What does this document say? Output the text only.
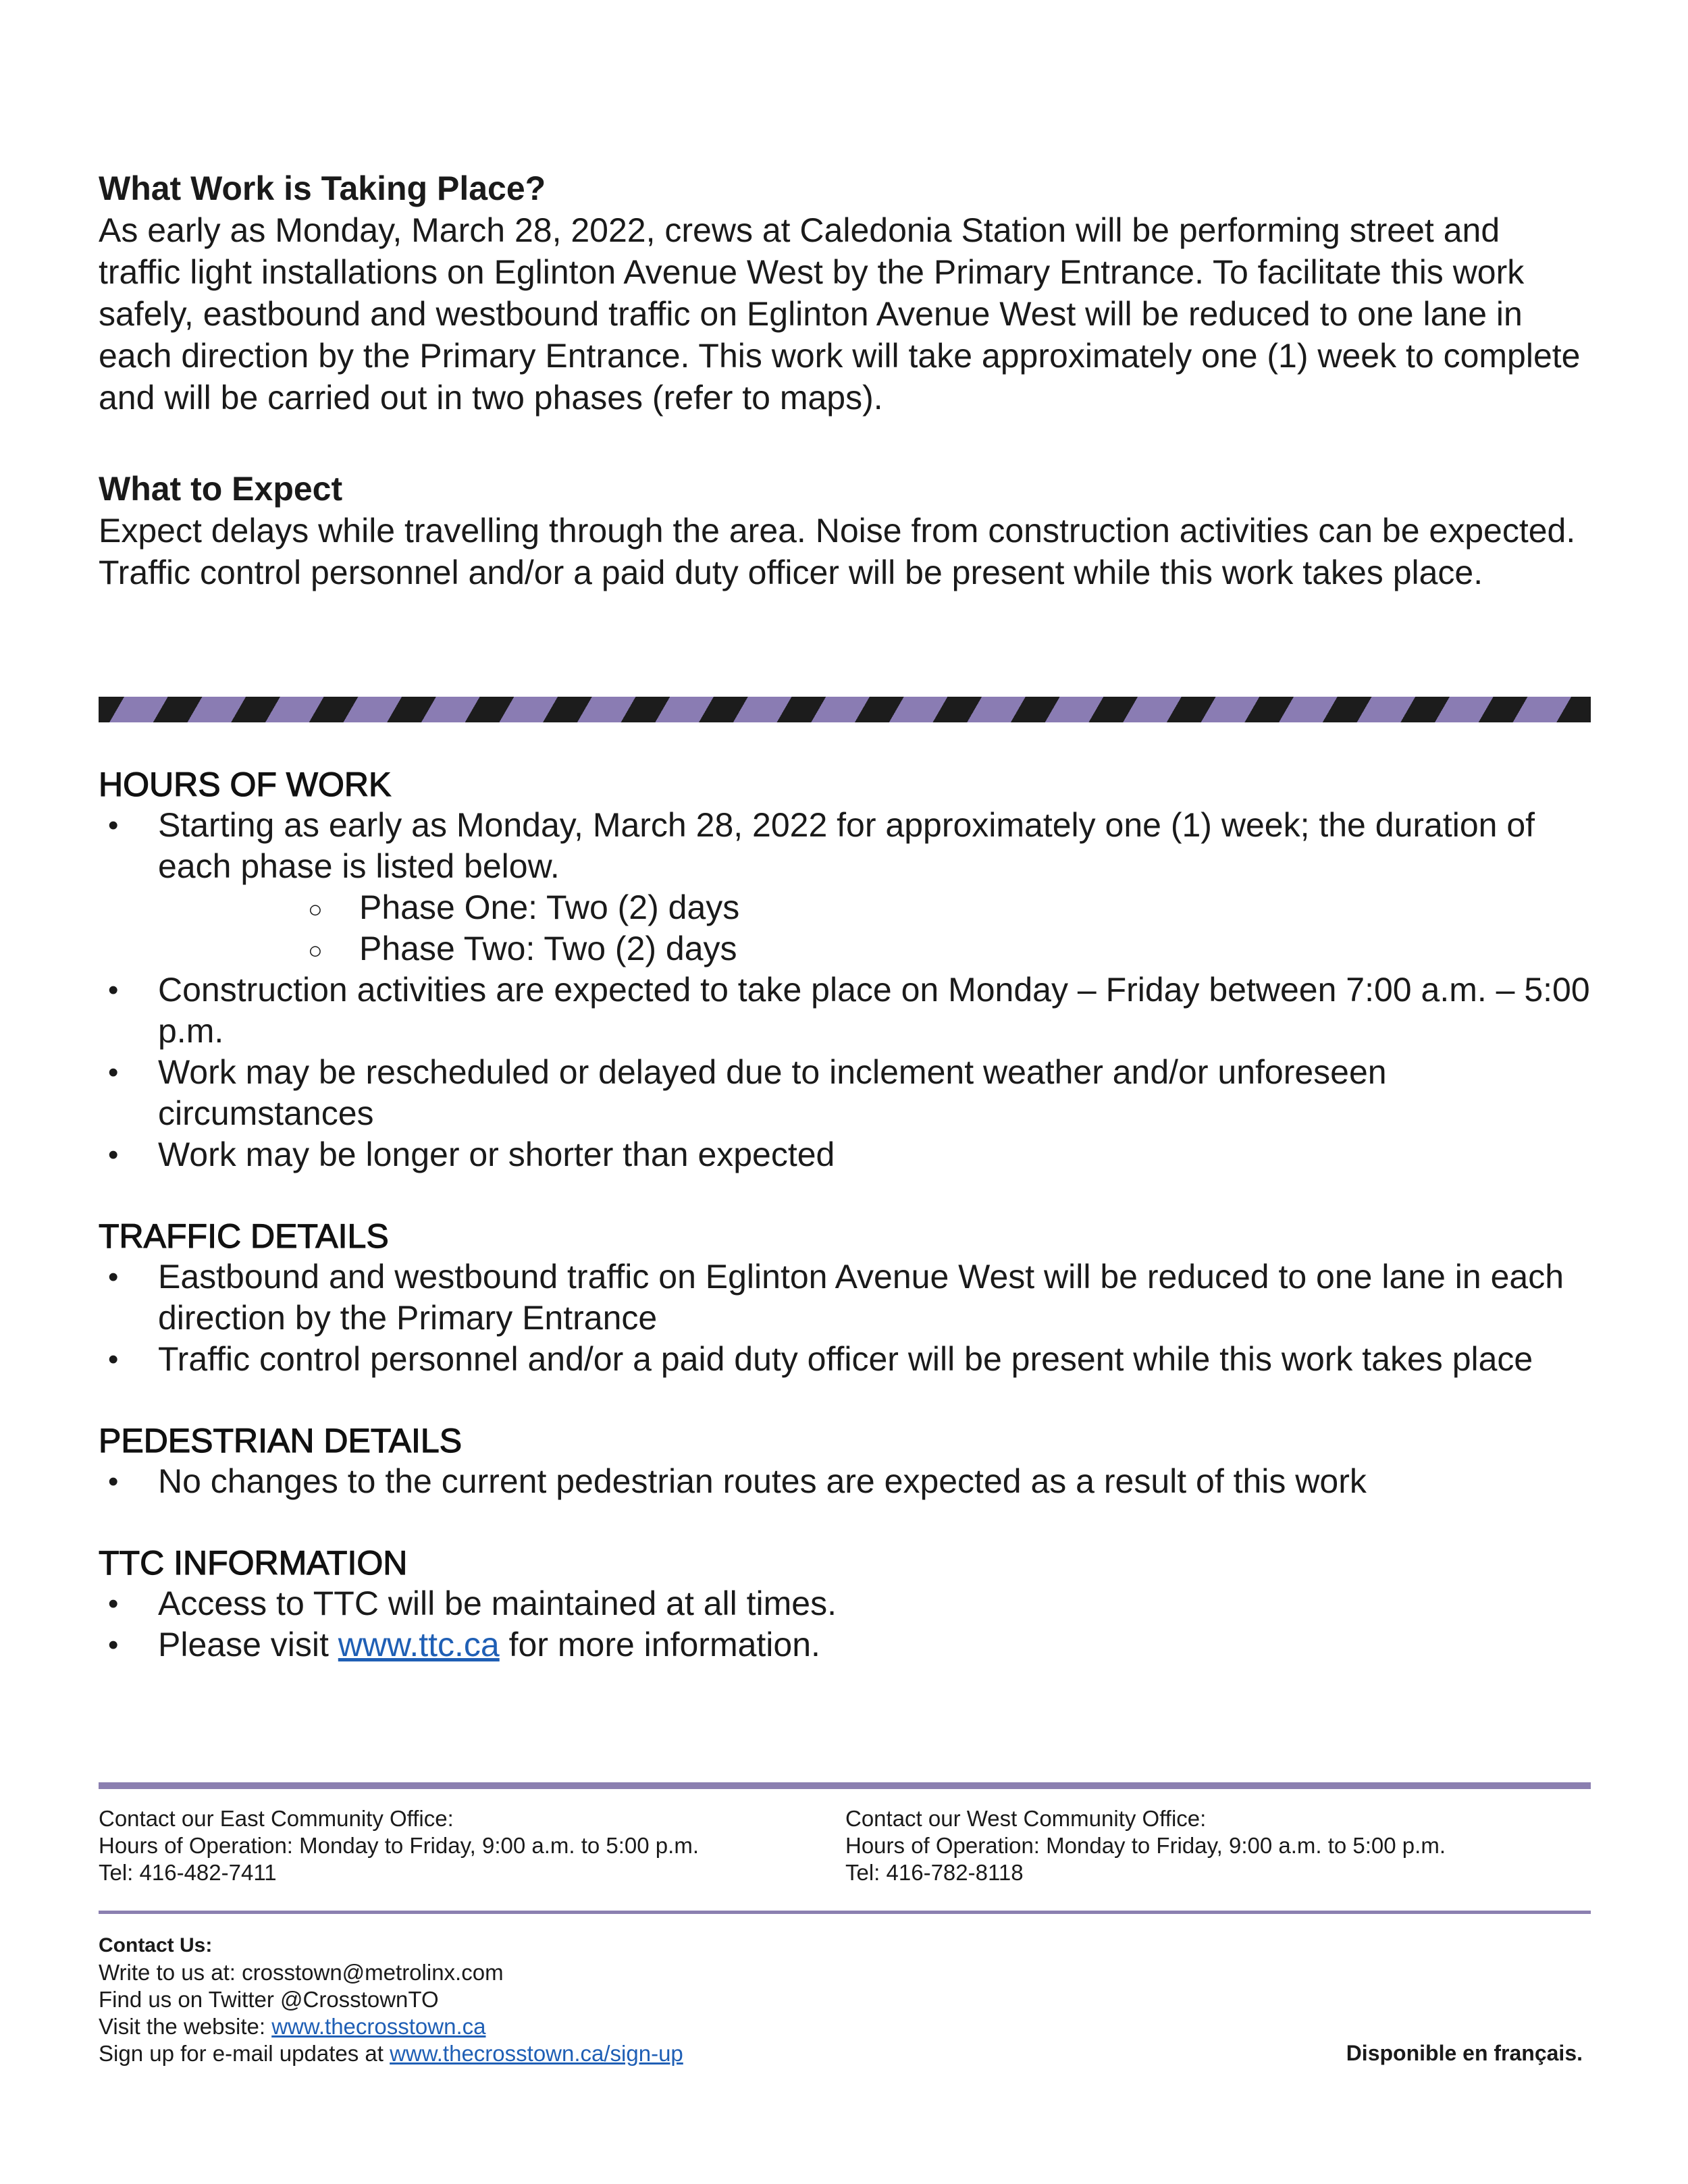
What Work is Taking Place?

As early as Monday, March 28, 2022, crews at Caledonia Station will be performing street and traffic light installations on Eglinton Avenue West by the Primary Entrance. To facilitate this work safely, eastbound and westbound traffic on Eglinton Avenue West will be reduced to one lane in each direction by the Primary Entrance. This work will take approximately one (1) week to complete and will be carried out in two phases (refer to maps).

What to Expect

Expect delays while travelling through the area. Noise from construction activities can be expected. Traffic control personnel and/or a paid duty officer will be present while this work takes place.

HOURS OF WORK
• Starting as early as Monday, March 28, 2022 for approximately one (1) week; the duration of each phase is listed below.
○ Phase One: Two (2) days
○ Phase Two: Two (2) days
• Construction activities are expected to take place on Monday – Friday between 7:00 a.m. – 5:00 p.m.
• Work may be rescheduled or delayed due to inclement weather and/or unforeseen circumstances
• Work may be longer or shorter than expected
TRAFFIC DETAILS
• Eastbound and westbound traffic on Eglinton Avenue West will be reduced to one lane in each direction by the Primary Entrance
• Traffic control personnel and/or a paid duty officer will be present while this work takes place
PEDESTRIAN DETAILS
• No changes to the current pedestrian routes are expected as a result of this work
TTC INFORMATION
• Access to TTC will be maintained at all times.
• Please visit www.ttc.ca for more information.
Contact our East Community Office:
Hours of Operation: Monday to Friday, 9:00 a.m. to 5:00 p.m.
Tel: 416-482-7411
Contact our West Community Office:
Hours of Operation: Monday to Friday, 9:00 a.m. to 5:00 p.m.
Tel: 416-782-8118
Contact Us:
Write to us at: crosstown@metrolinx.com
Find us on Twitter @CrosstownTO
Visit the website: www.thecrosstown.ca
Sign up for e-mail updates at www.thecrosstown.ca/sign-up	Disponible en français.
